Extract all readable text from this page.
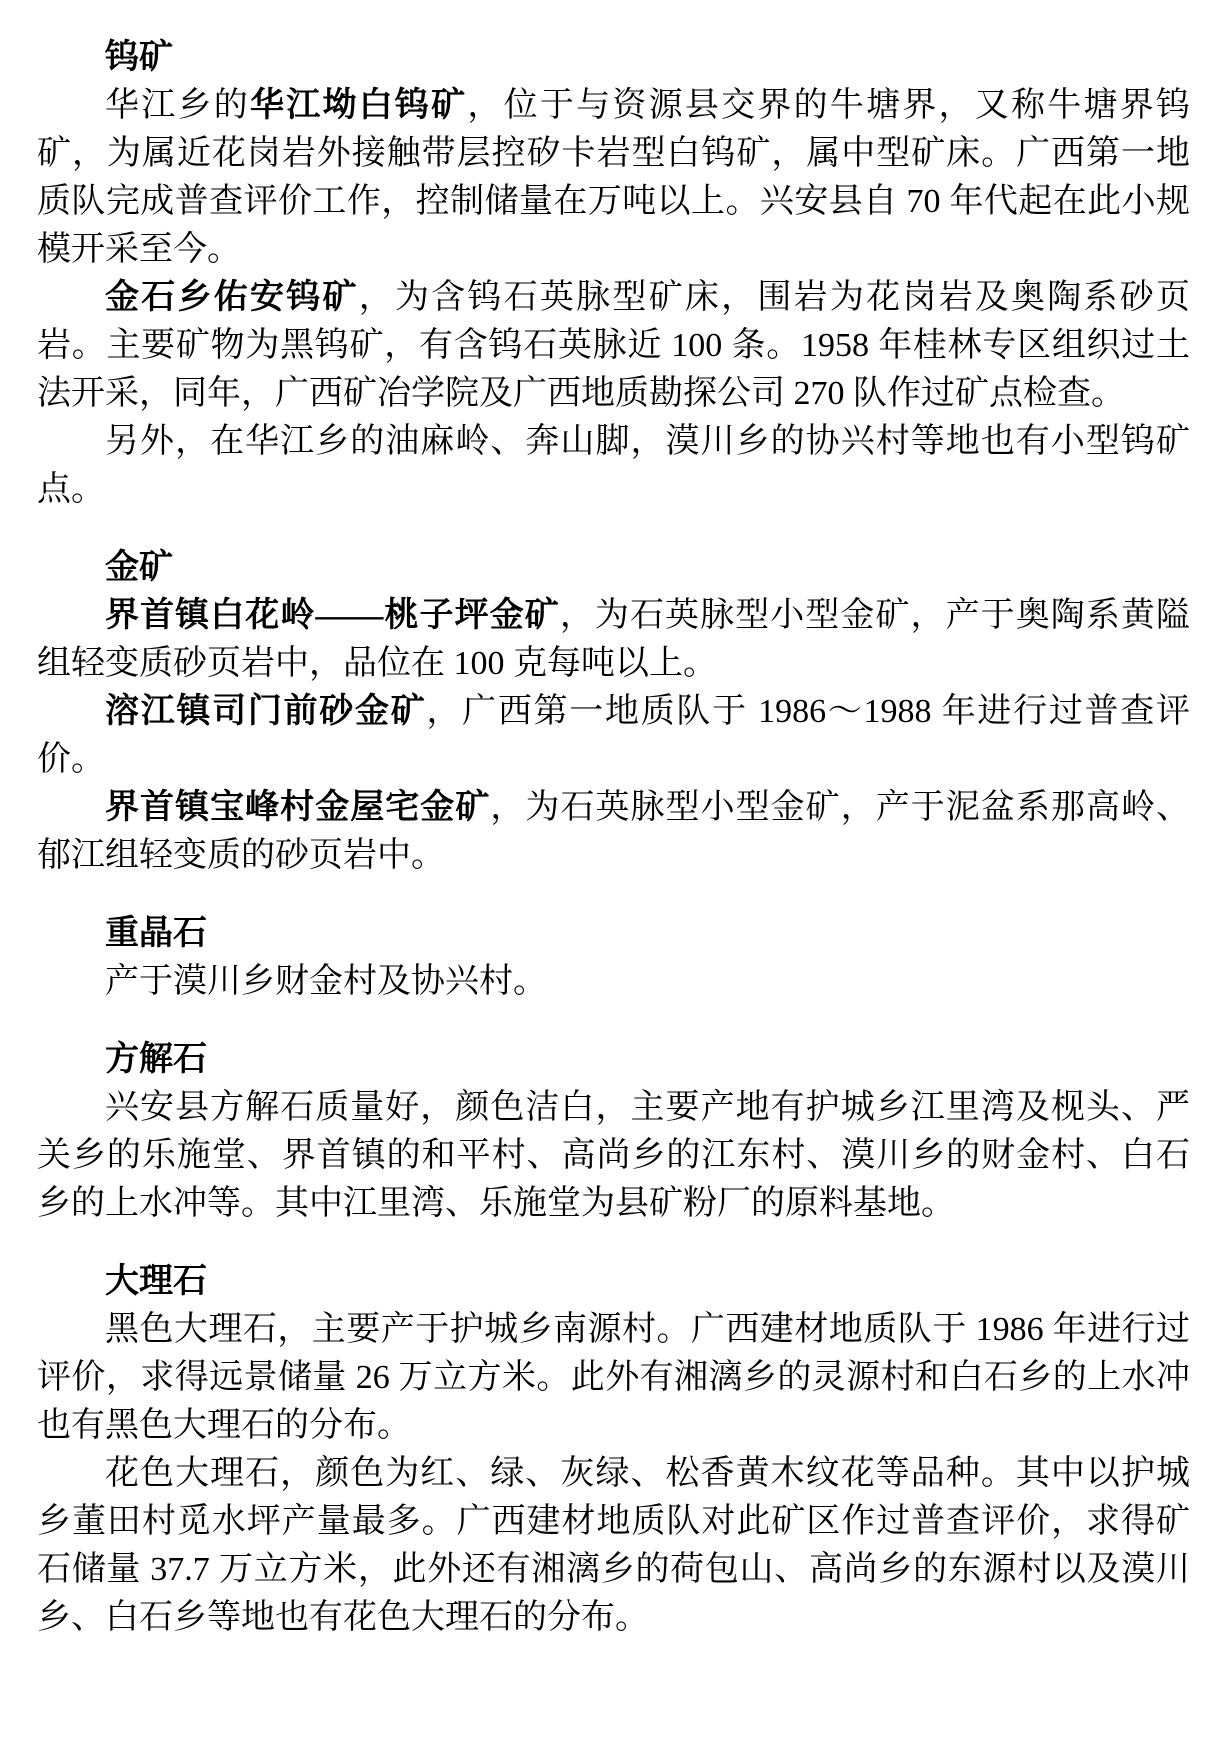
钨矿

华江乡的华江坳白钨矿，位于与资源县交界的牛塘界，又称牛塘界钨矿，为属近花岗岩外接触带层控矽卡岩型白钨矿，属中型矿床。广西第一地质队完成普查评价工作，控制储量在万吨以上。兴安县自 70 年代起在此小规模开采至今。

金石乡佑安钨矿，为含钨石英脉型矿床，围岩为花岗岩及奥陶系砂页岩。主要矿物为黑钨矿，有含钨石英脉近 100 条。1958 年桂林专区组织过土法开采，同年，广西矿冶学院及广西地质勘探公司 270 队作过矿点检查。

另外，在华江乡的油麻岭、奔山脚，漠川乡的协兴村等地也有小型钨矿点。

金矿

界首镇白花岭——桃子坪金矿，为石英脉型小型金矿，产于奥陶系黄隘组轻变质砂页岩中，品位在 100 克每吨以上。

溶江镇司门前砂金矿，广西第一地质队于 1986～1988 年进行过普查评价。

界首镇宝峰村金屋宅金矿，为石英脉型小型金矿，产于泥盆系那高岭、郁江组轻变质的砂页岩中。

重晶石

产于漠川乡财金村及协兴村。

方解石

兴安县方解石质量好，颜色洁白，主要产地有护城乡江里湾及枧头、严关乡的乐施堂、界首镇的和平村、高尚乡的江东村、漠川乡的财金村、白石乡的上水冲等。其中江里湾、乐施堂为县矿粉厂的原料基地。

大理石

黑色大理石，主要产于护城乡南源村。广西建材地质队于 1986 年进行过评价，求得远景储量 26 万立方米。此外有湘漓乡的灵源村和白石乡的上水冲也有黑色大理石的分布。

花色大理石，颜色为红、绿、灰绿、松香黄木纹花等品种。其中以护城乡董田村觅水坪产量最多。广西建材地质队对此矿区作过普查评价，求得矿石储量 37.7 万立方米，此外还有湘漓乡的荷包山、高尚乡的东源村以及漠川乡、白石乡等地也有花色大理石的分布。
